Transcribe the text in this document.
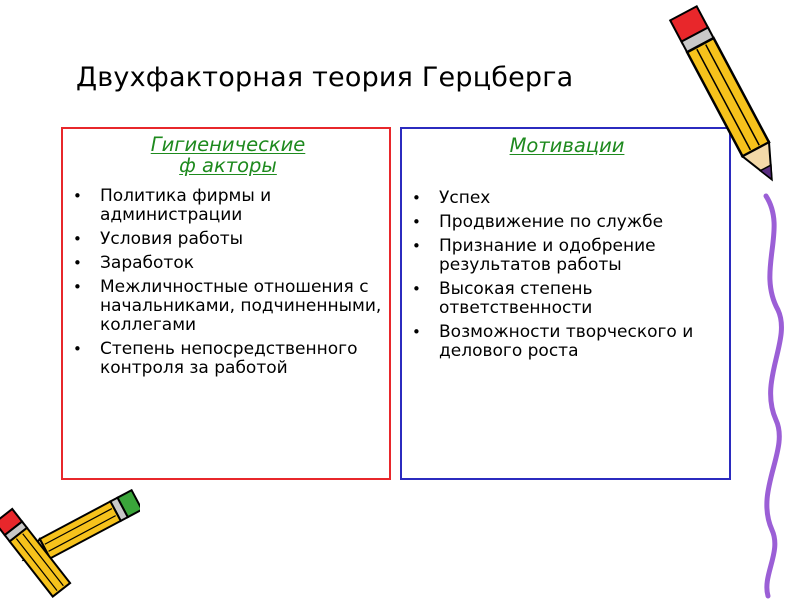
Двухфакторная теория Герцберга
Гигиенические
ф акторы
• Политика фирмы и администрации
• Условия работы
• Заработок
• Межличностные отношения с начальниками, подчиненными, коллегами
• Степень непосредственного контроля за работой
Мотивации
• Успех
• Продвижение по службе
• Признание и одобрение результатов работы
• Высокая степень ответственности
• Возможности творческого и делового роста
